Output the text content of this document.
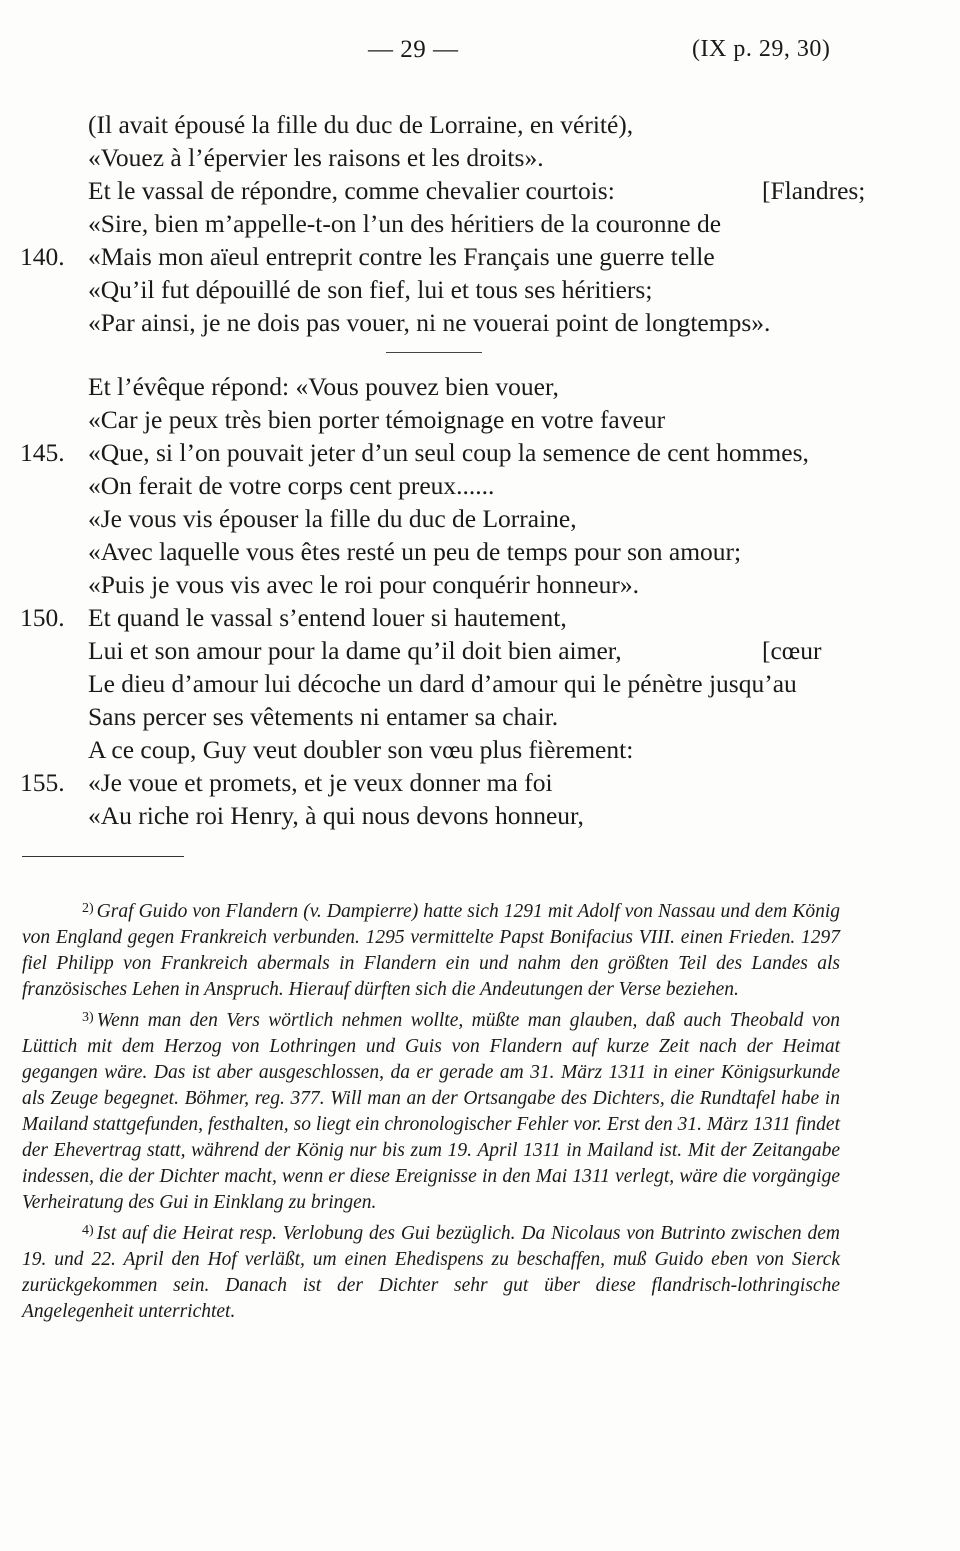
— 29 —	(IX p. 29, 30)
(Il avait épousé la fille du duc de Lorraine, en vérité),
«Vouez à l’épervier les raisons et les droits».
Et le vassal de répondre, comme chevalier courtois:	[Flandres;
«Sire, bien m’appelle-t-on l’un des héritiers de la couronne de
140. «Mais mon aïeul entreprit contre les Français une guerre telle
«Qu’il fut dépouillé de son fief, lui et tous ses héritiers;
«Par ainsi, je ne dois pas vouer, ni ne vouerai point de longtemps».
Et l’évêque répond: «Vous pouvez bien vouer,
«Car je peux très bien porter témoignage en votre faveur
145. «Que, si l’on pouvait jeter d’un seul coup la semence de cent hommes,
«On ferait de votre corps cent preux......
«Je vous vis épouser la fille du duc de Lorraine,
«Avec laquelle vous êtes resté un peu de temps pour son amour;
«Puis je vous vis avec le roi pour conquérir honneur».
150. Et quand le vassal s’entend louer si hautement,
Lui et son amour pour la dame qu’il doit bien aimer,	[cœur
Le dieu d’amour lui décoche un dard d’amour qui le pénètre jusqu’au
Sans percer ses vêtements ni entamer sa chair.
A ce coup, Guy veut doubler son vœu plus fièrement:
155. «Je voue et promets, et je veux donner ma foi
«Au riche roi Henry, à qui nous devons honneur,

$^{2)}$ Graf Guido von Flandern (v. Dampierre) hatte sich 1291 mit Adolf von Nassau und dem König von England gegen Frankreich verbunden. 1295 vermittelte Papst Bonifacius VIII. einen Frieden. 1297 fiel Philipp von Frankreich abermals in Flandern ein und nahm den größten Teil des Landes als französisches Lehen in Anspruch. Hierauf dürften sich die Andeutungen der Verse beziehen.

$^{3)}$ Wenn man den Vers wörtlich nehmen wollte, müßte man glauben, daß auch Theobald von Lüttich mit dem Herzog von Lothringen und Guis von Flandern auf kurze Zeit nach der Heimat gegangen wäre. Das ist aber ausgeschlossen, da er gerade am 31. März 1311 in einer Königsurkunde als Zeuge begegnet. Böhmer, reg. 377. Will man an der Ortsangabe des Dichters, die Rundtafel habe in Mailand stattgefunden, festhalten, so liegt ein chronologischer Fehler vor. Erst den 31. März 1311 findet der Ehevertrag statt, während der König nur bis zum 19. April 1311 in Mailand ist. Mit der Zeitangabe indessen, die der Dichter macht, wenn er diese Ereignisse in den Mai 1311 verlegt, wäre die vorgängige Verheiratung des Gui in Einklang zu bringen.

$^{4)}$ Ist auf die Heirat resp. Verlobung des Gui bezüglich. Da Nicolaus von Butrinto zwischen dem 19. und 22. April den Hof verläßt, um einen Ehedispens zu beschaffen, muß Guido eben von Sierck zurückgekommen sein. Danach ist der Dichter sehr gut über diese flandrisch-lothringische Angelegenheit unterrichtet.
